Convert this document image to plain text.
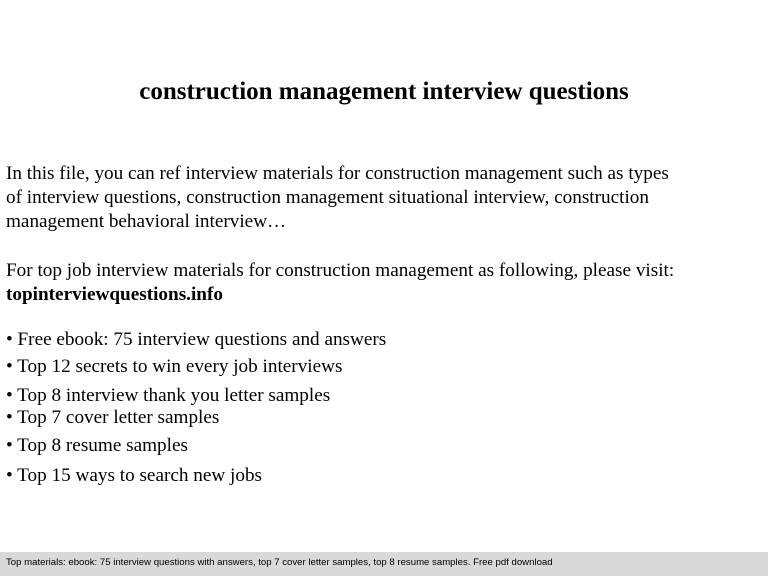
construction management interview questions
In this file, you can ref interview materials for construction management such as types
of interview questions, construction management situational interview, construction
management behavioral interview…
For top job interview materials for construction management as following, please visit:
topinterviewquestions.info
• Free ebook: 75 interview questions and answers
• Top 12 secrets to win every job interviews
• Top 8 interview thank you letter samples
• Top 7 cover letter samples
• Top 8 resume samples
• Top 15 ways to search new jobs
Top materials: ebook: 75 interview questions with answers, top 7 cover letter samples, top 8 resume samples. Free pdf download
